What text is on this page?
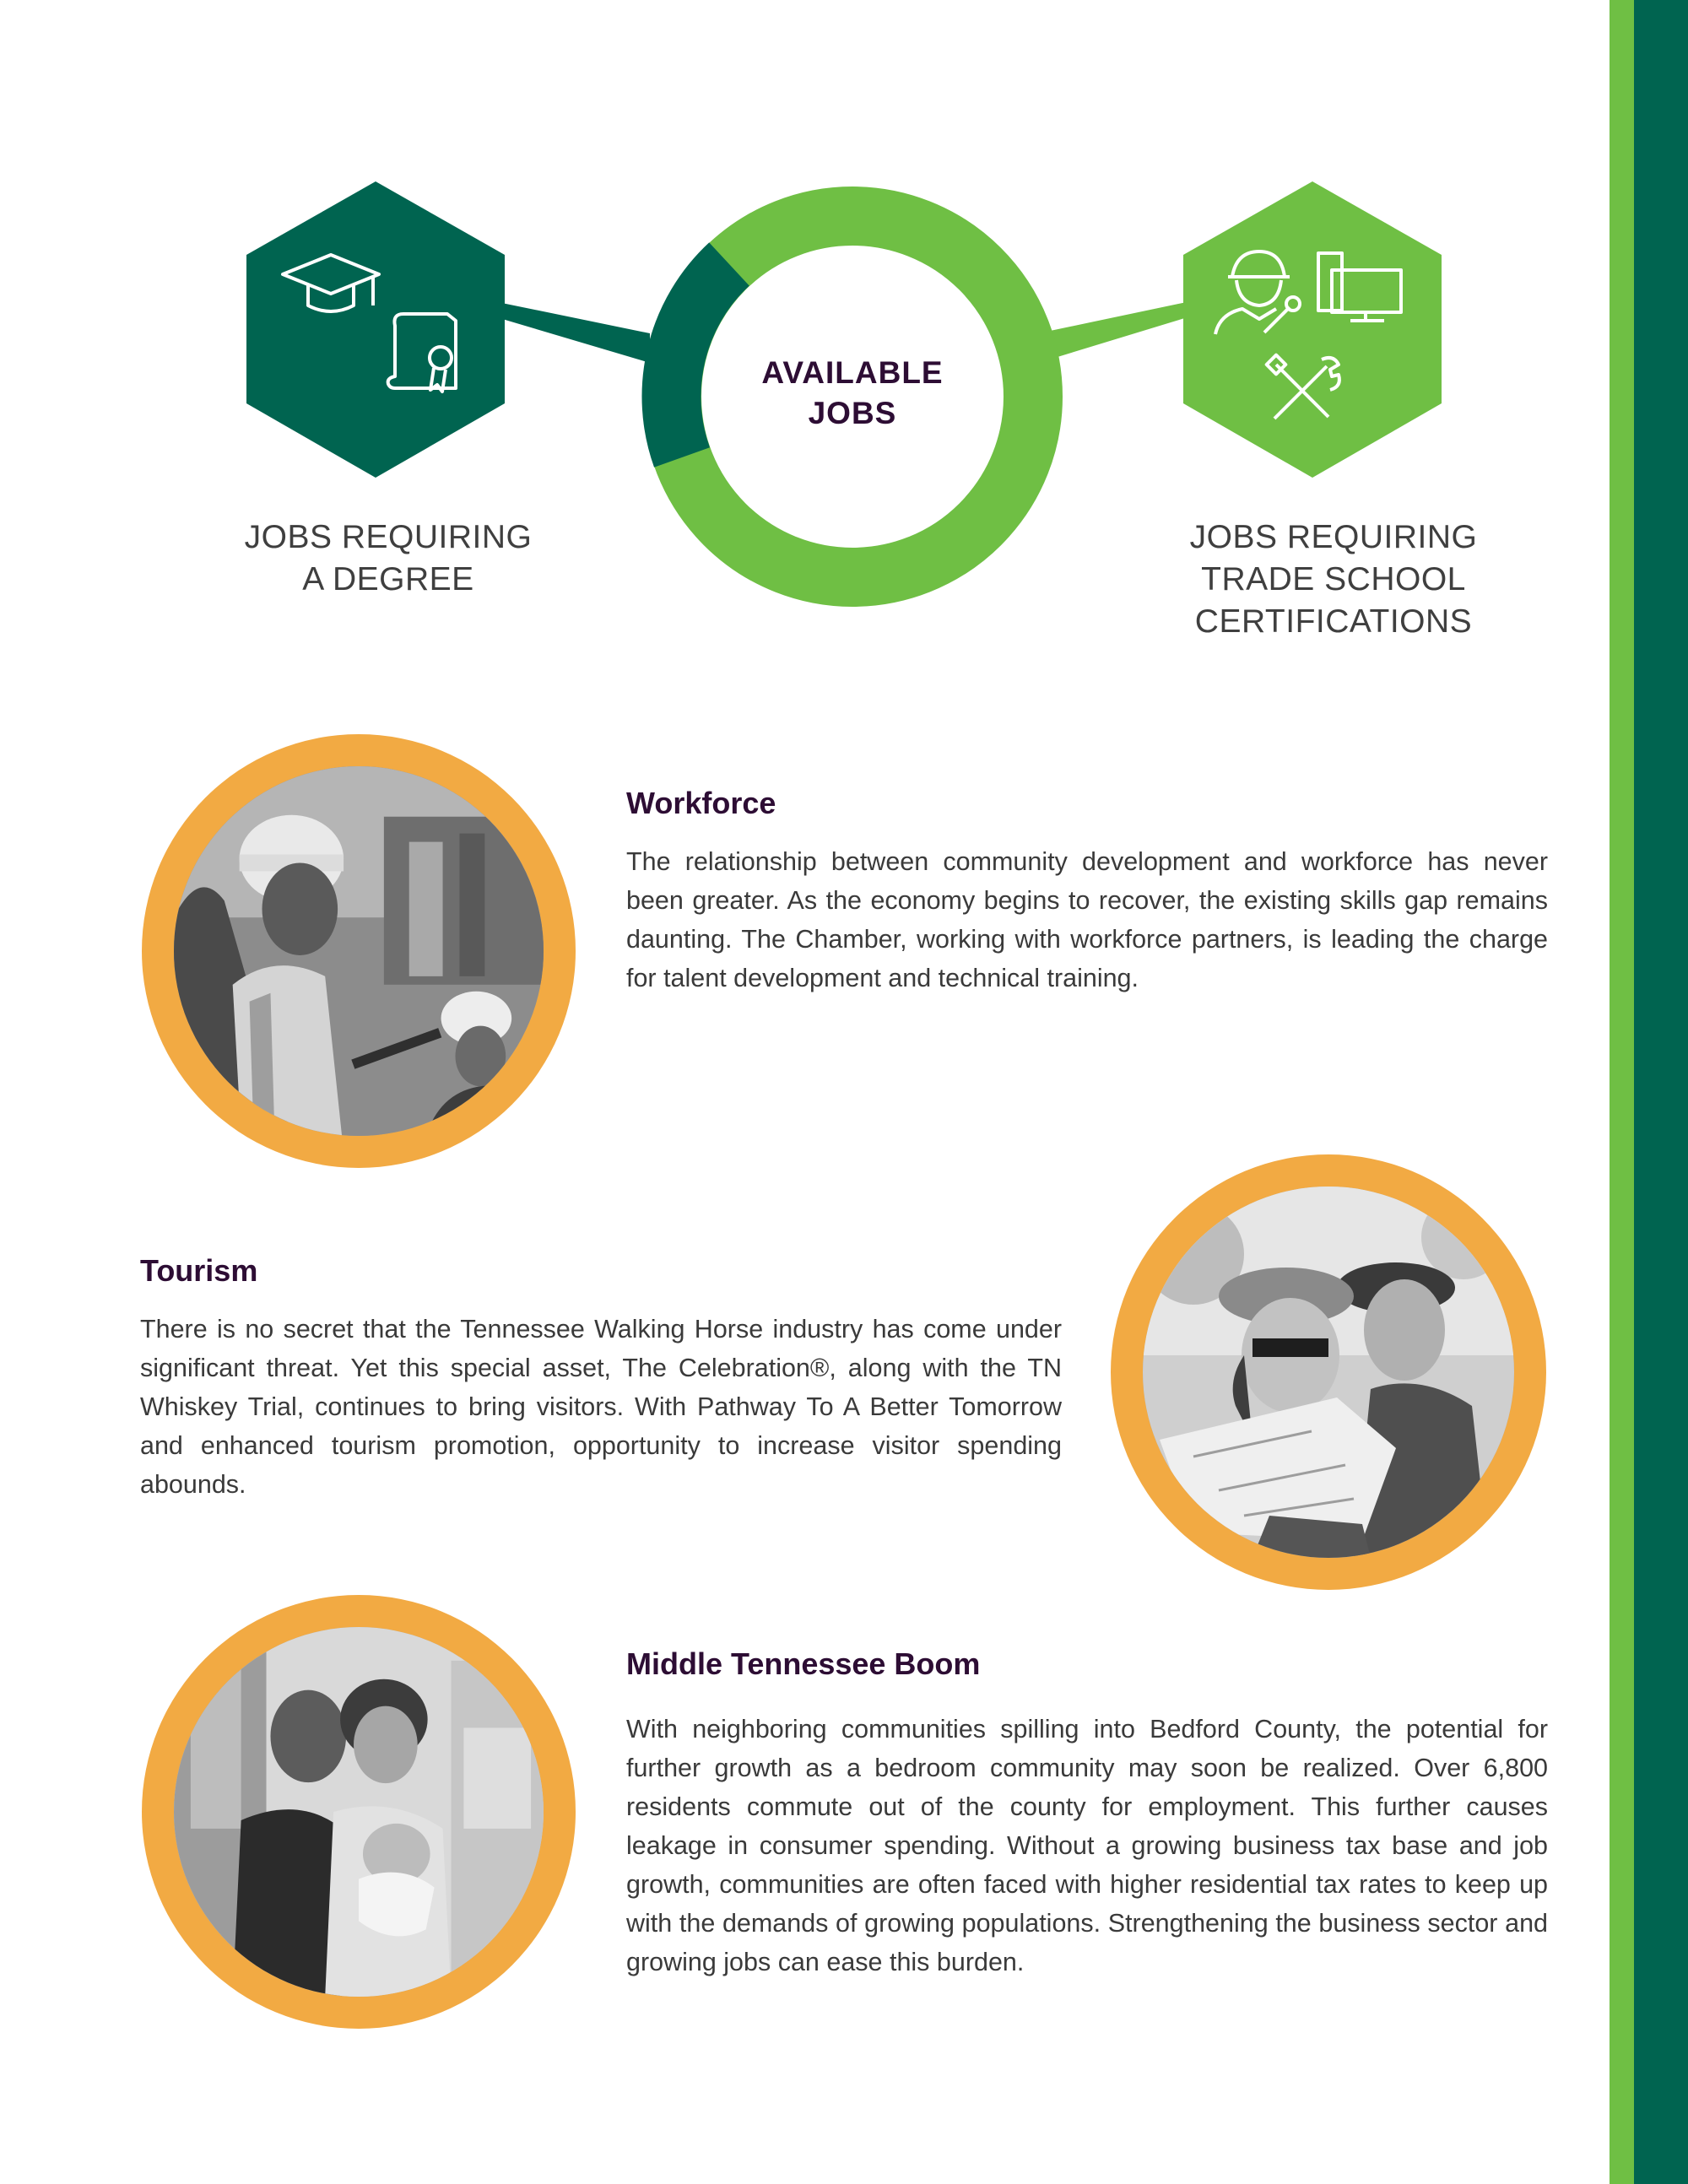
AVAILABLE
JOBS
JOBS REQUIRING
A DEGREE
JOBS REQUIRING
TRADE SCHOOL
CERTIFICATIONS
Workforce
The relationship between community development and workforce has never been greater. As the economy begins to recover, the existing skills gap remains daunting. The Chamber, working with workforce partners, is leading the charge for talent development and technical training.
Tourism
There is no secret that the Tennessee Walking Horse industry has come under significant threat. Yet this special asset, The Celebration®, along with the TN Whiskey Trial, continues to bring visitors. With Pathway To A Better Tomorrow and enhanced tourism promotion, opportunity to increase visitor spending abounds.
Middle Tennessee Boom
With neighboring communities spilling into Bedford County, the potential for further growth as a bedroom community may soon be realized. Over 6,800 residents commute out of the county for employment. This further causes leakage in consumer spending. Without a growing business tax base and job growth, communities are often faced with higher residential tax rates to keep up with the demands of growing populations. Strengthening the business sector and growing jobs can ease this burden.
